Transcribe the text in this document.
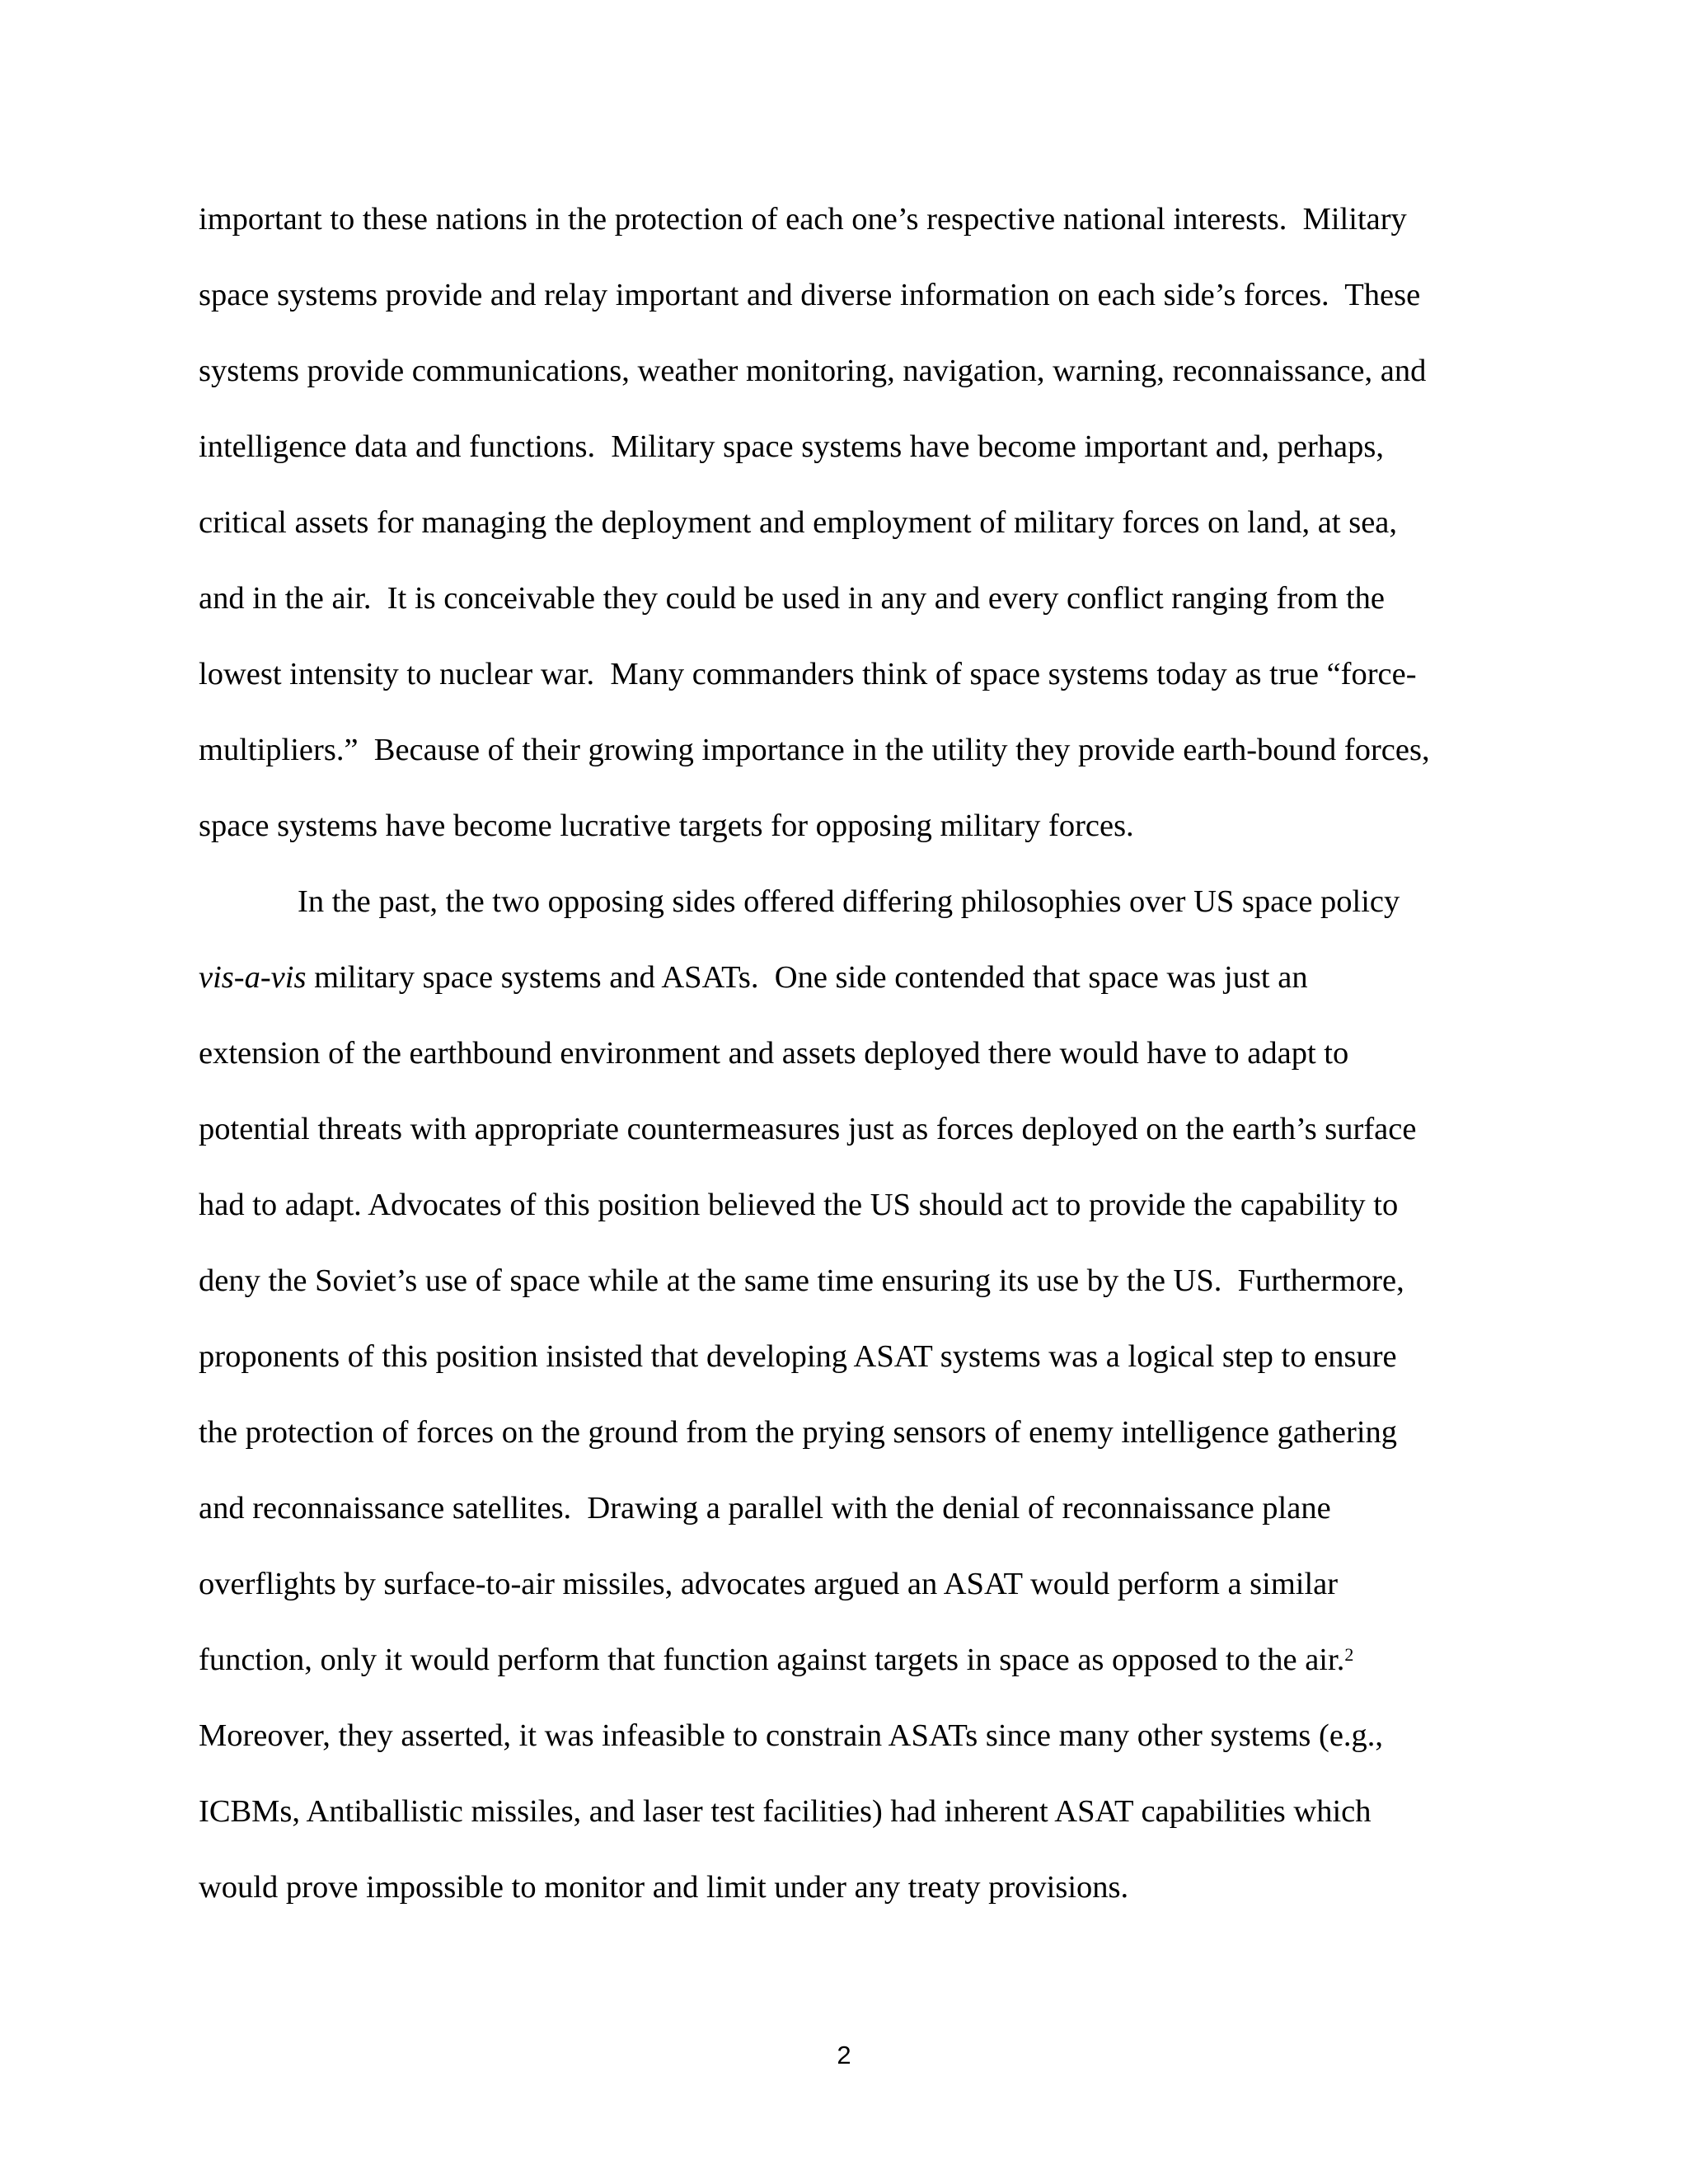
important to these nations in the protection of each one’s respective national interests.  Military
space systems provide and relay important and diverse information on each side’s forces.  These
systems provide communications, weather monitoring, navigation, warning, reconnaissance, and
intelligence data and functions.  Military space systems have become important and, perhaps,
critical assets for managing the deployment and employment of military forces on land, at sea,
and in the air.  It is conceivable they could be used in any and every conflict ranging from the
lowest intensity to nuclear war.  Many commanders think of space systems today as true “force-
multipliers.”  Because of their growing importance in the utility they provide earth-bound forces,
space systems have become lucrative targets for opposing military forces.
In the past, the two opposing sides offered differing philosophies over US space policy
vis-a-vis military space systems and ASATs.  One side contended that space was just an
extension of the earthbound environment and assets deployed there would have to adapt to
potential threats with appropriate countermeasures just as forces deployed on the earth’s surface
had to adapt. Advocates of this position believed the US should act to provide the capability to
deny the Soviet’s use of space while at the same time ensuring its use by the US.  Furthermore,
proponents of this position insisted that developing ASAT systems was a logical step to ensure
the protection of forces on the ground from the prying sensors of enemy intelligence gathering
and reconnaissance satellites.  Drawing a parallel with the denial of reconnaissance plane
overflights by surface-to-air missiles, advocates argued an ASAT would perform a similar
function, only it would perform that function against targets in space as opposed to the air.$^2$
Moreover, they asserted, it was infeasible to constrain ASATs since many other systems (e.g.,
ICBMs, Antiballistic missiles, and laser test facilities) had inherent ASAT capabilities which
would prove impossible to monitor and limit under any treaty provisions.
2
